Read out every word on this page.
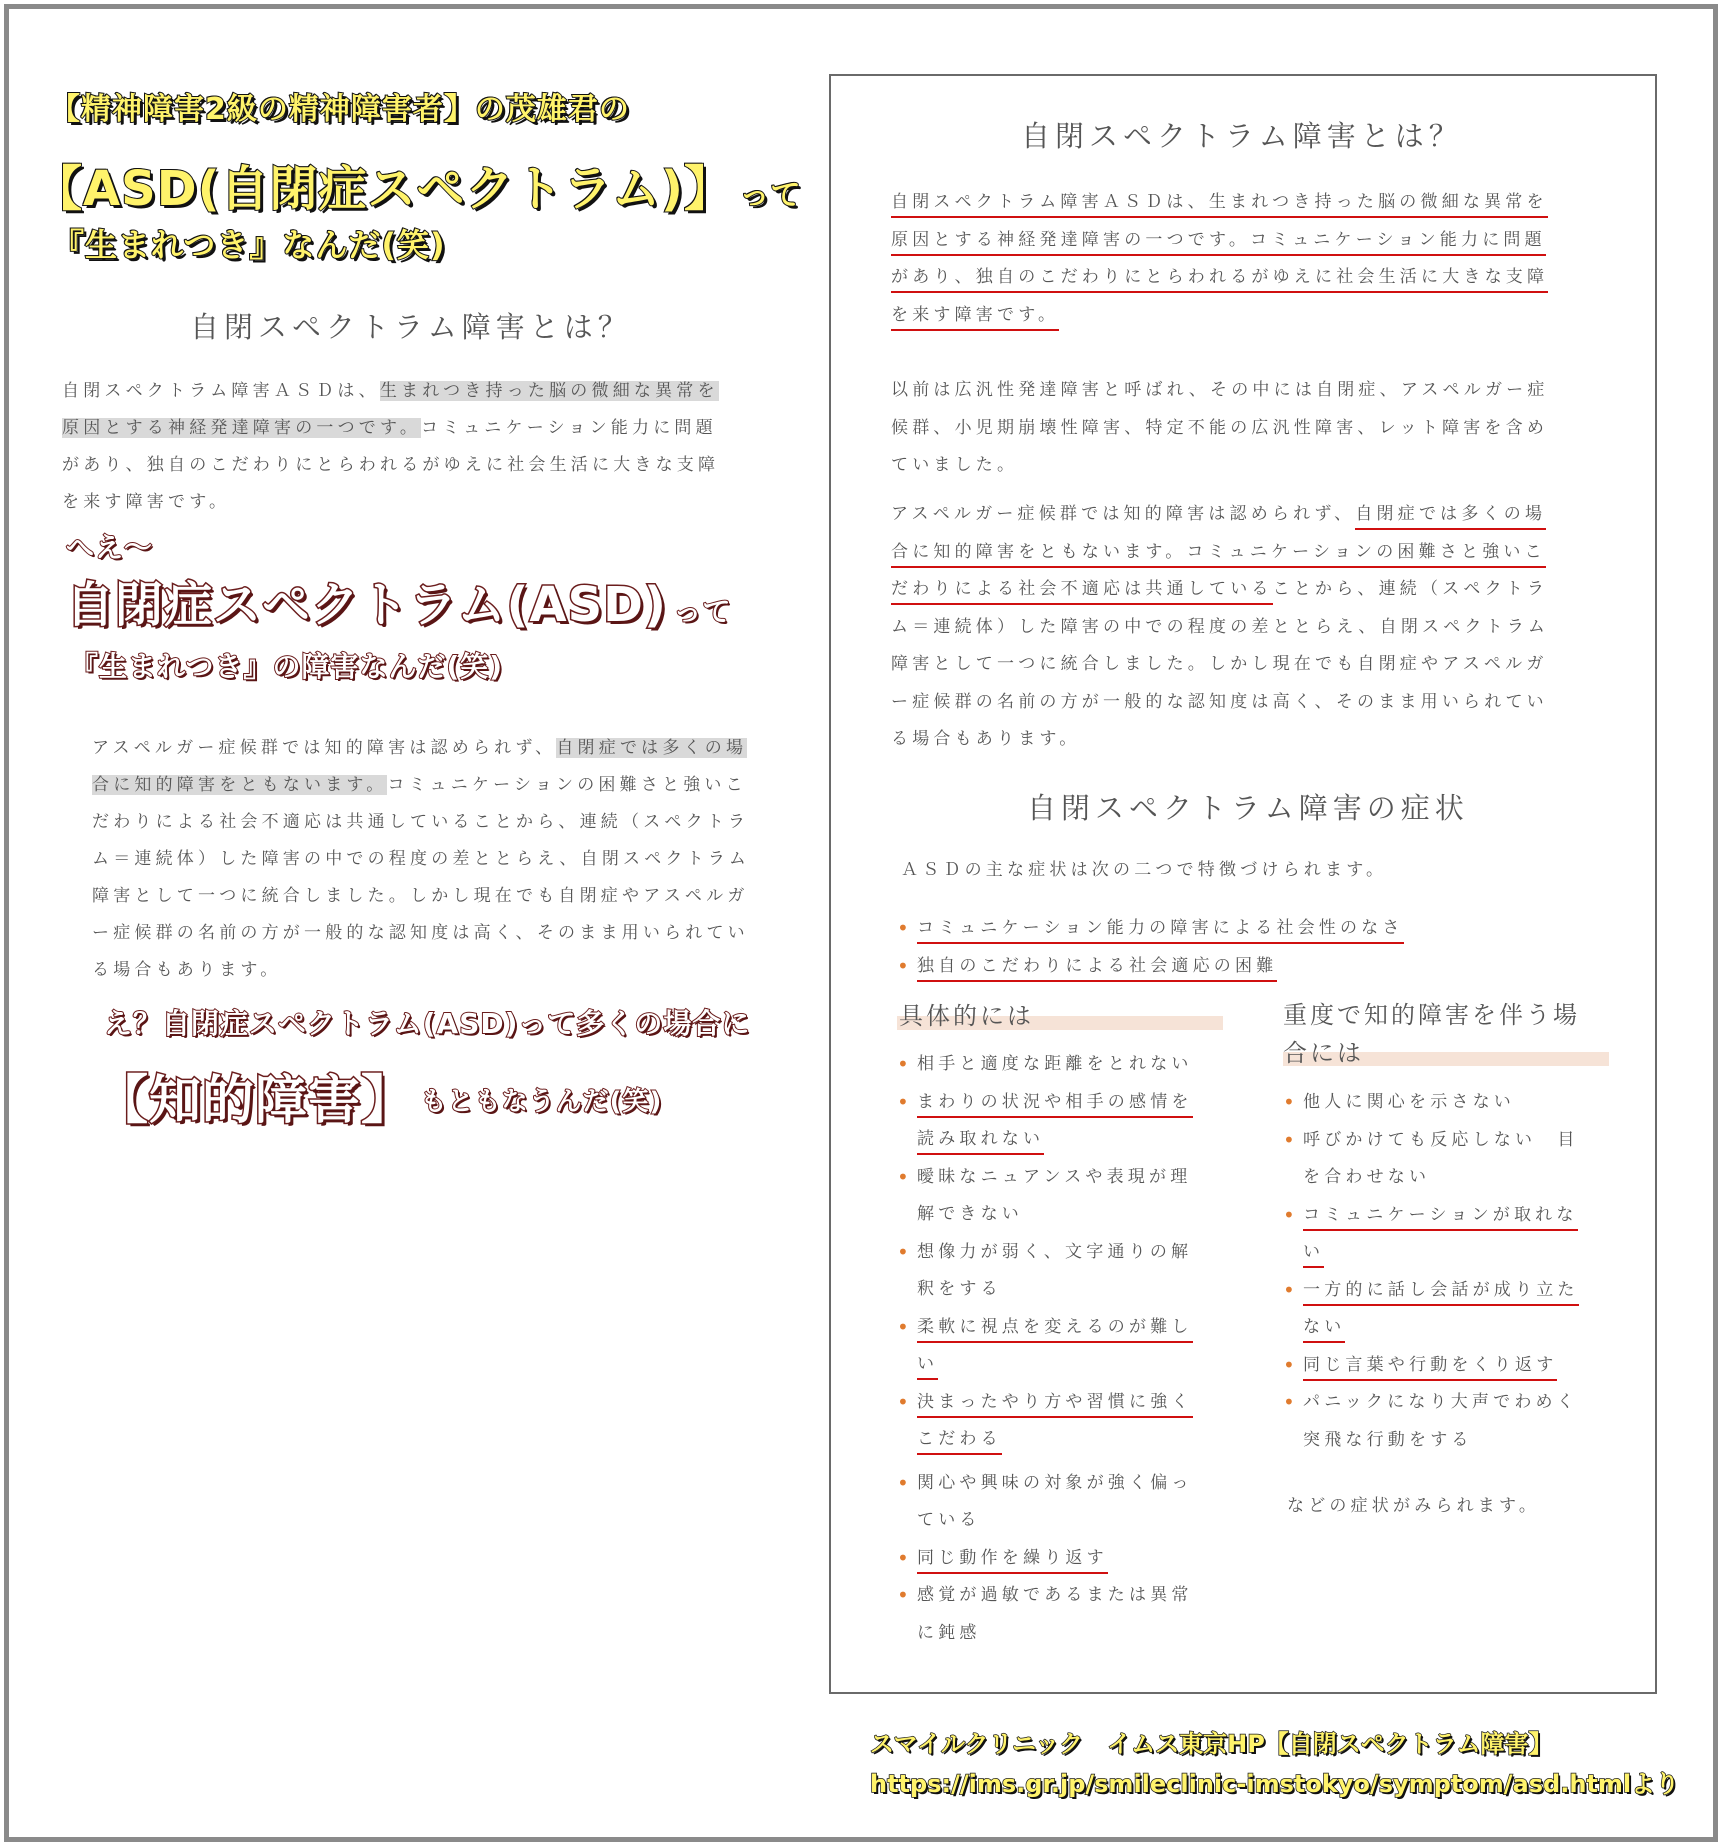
【精神障害2級の精神障害者】の茂雄君の
【ASD(自閉症スペクトラム)】 って
『生まれつき』なんだ(笑)
自閉スペクトラム障害とは？
自閉スペクトラム障害ＡＳＤは、生まれつき持った脳の微細な異常を
原因とする神経発達障害の一つです。コミュニケーション能力に問題
があり、独自のこだわりにとらわれるがゆえに社会生活に大きな支障
を来す障害です。
へえ～
自閉症スペクトラム(ASD) って
『生まれつき』の障害なんだ(笑)
アスペルガー症候群では知的障害は認められず、自閉症では多くの場
合に知的障害をともないます。コミュニケーションの困難さと強いこ
だわりによる社会不適応は共通していることから、連続（スペクトラ
ム＝連続体）した障害の中での程度の差ととらえ、自閉スペクトラム
障害として一つに統合しました。しかし現在でも自閉症やアスペルガ
ー症候群の名前の方が一般的な認知度は高く、そのまま用いられてい
る場合もあります。
え？自閉症スペクトラム(ASD)って多くの場合に
【知的障害】 もともなうんだ(笑)
自閉スペクトラム障害とは？
自閉スペクトラム障害ＡＳＤは、生まれつき持った脳の微細な異常を
原因とする神経発達障害の一つです。コミュニケーション能力に問題
があり、独自のこだわりにとらわれるがゆえに社会生活に大きな支障
を来す障害です。
以前は広汎性発達障害と呼ばれ、その中には自閉症、アスペルガー症
候群、小児期崩壊性障害、特定不能の広汎性障害、レット障害を含め
ていました。
アスペルガー症候群では知的障害は認められず、自閉症では多くの場
合に知的障害をともないます。コミュニケーションの困難さと強いこ
だわりによる社会不適応は共通していることから、連続（スペクトラ
ム＝連続体）した障害の中での程度の差ととらえ、自閉スペクトラム
障害として一つに統合しました。しかし現在でも自閉症やアスペルガ
ー症候群の名前の方が一般的な認知度は高く、そのまま用いられてい
る場合もあります。
自閉スペクトラム障害の症状
ＡＳＤの主な症状は次の二つで特徴づけられます。
• コミュニケーション能力の障害による社会性のなさ
• 独自のこだわりによる社会適応の困難
具体的には
• 相手と適度な距離をとれない
• まわりの状況や相手の感情を
読み取れない
• 曖昧なニュアンスや表現が理
解できない
• 想像力が弱く、文字通りの解
釈をする
• 柔軟に視点を変えるのが難し
い
• 決まったやり方や習慣に強く
こだわる
• 関心や興味の対象が強く偏っ
ている
• 同じ動作を繰り返す
• 感覚が過敏であるまたは異常
に鈍感
重度で知的障害を伴う場
合には
• 他人に関心を示さない
• 呼びかけても反応しない　目
を合わせない
• コミュニケーションが取れな
い
• 一方的に話し会話が成り立た
ない
• 同じ言葉や行動をくり返す
• パニックになり大声でわめく
突飛な行動をする
などの症状がみられます。
スマイルクリニック　イムス東京HP【自閉スペクトラム障害】
https://ims.gr.jp/smileclinic-imstokyo/symptom/asd.htmlより
